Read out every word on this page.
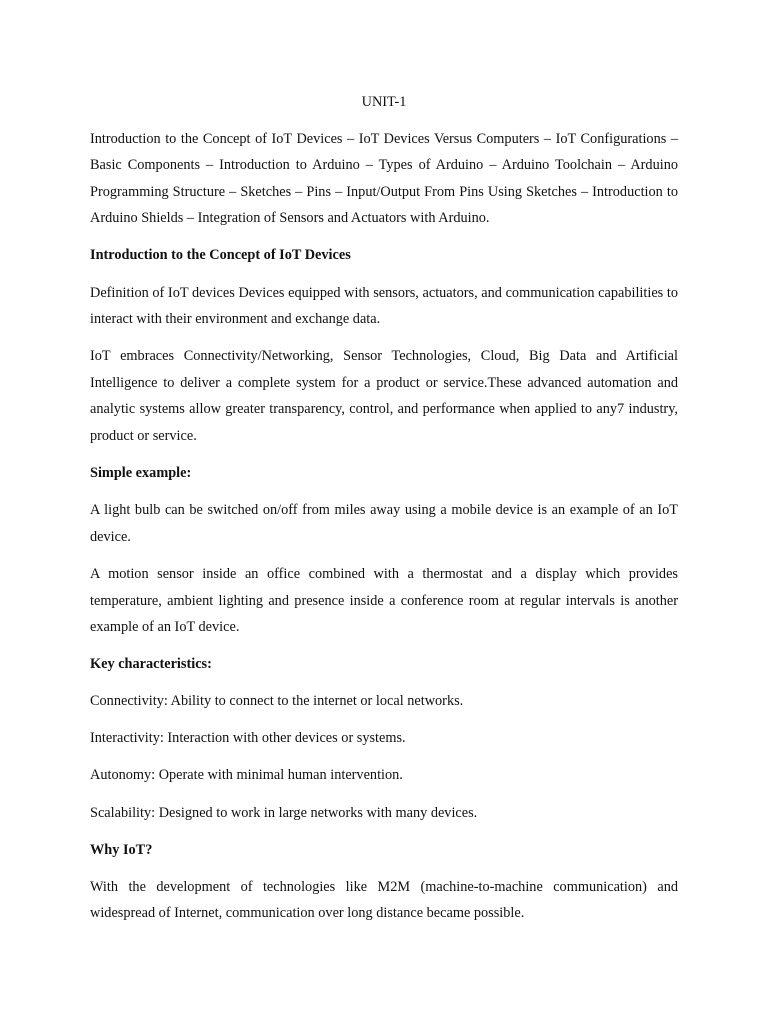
UNIT-1

Introduction to the Concept of IoT Devices – IoT Devices Versus Computers – IoT Configurations – Basic Components – Introduction to Arduino – Types of Arduino – Arduino Toolchain – Arduino Programming Structure – Sketches – Pins – Input/Output From Pins Using Sketches – Introduction to Arduino Shields – Integration of Sensors and Actuators with Arduino.

Introduction to the Concept of IoT Devices

Definition of IoT devices Devices equipped with sensors, actuators, and communication capabilities to interact with their environment and exchange data.

IoT embraces Connectivity/Networking, Sensor Technologies, Cloud, Big Data and Artificial Intelligence to deliver a complete system for a product or service.These advanced automation and analytic systems allow greater transparency, control, and performance when applied to any7 industry, product or service.

Simple example:

A light bulb can be switched on/off from miles away using a mobile device is an example of an IoT device.

A motion sensor inside an office combined with a thermostat and a display which provides temperature, ambient lighting and presence inside a conference room at regular intervals is another example of an IoT device.

Key characteristics:

Connectivity: Ability to connect to the internet or local networks.

Interactivity: Interaction with other devices or systems.

Autonomy: Operate with minimal human intervention.

Scalability: Designed to work in large networks with many devices.

Why IoT?

With the development of technologies like M2M (machine-to-machine communication) and widespread of Internet, communication over long distance became possible.
